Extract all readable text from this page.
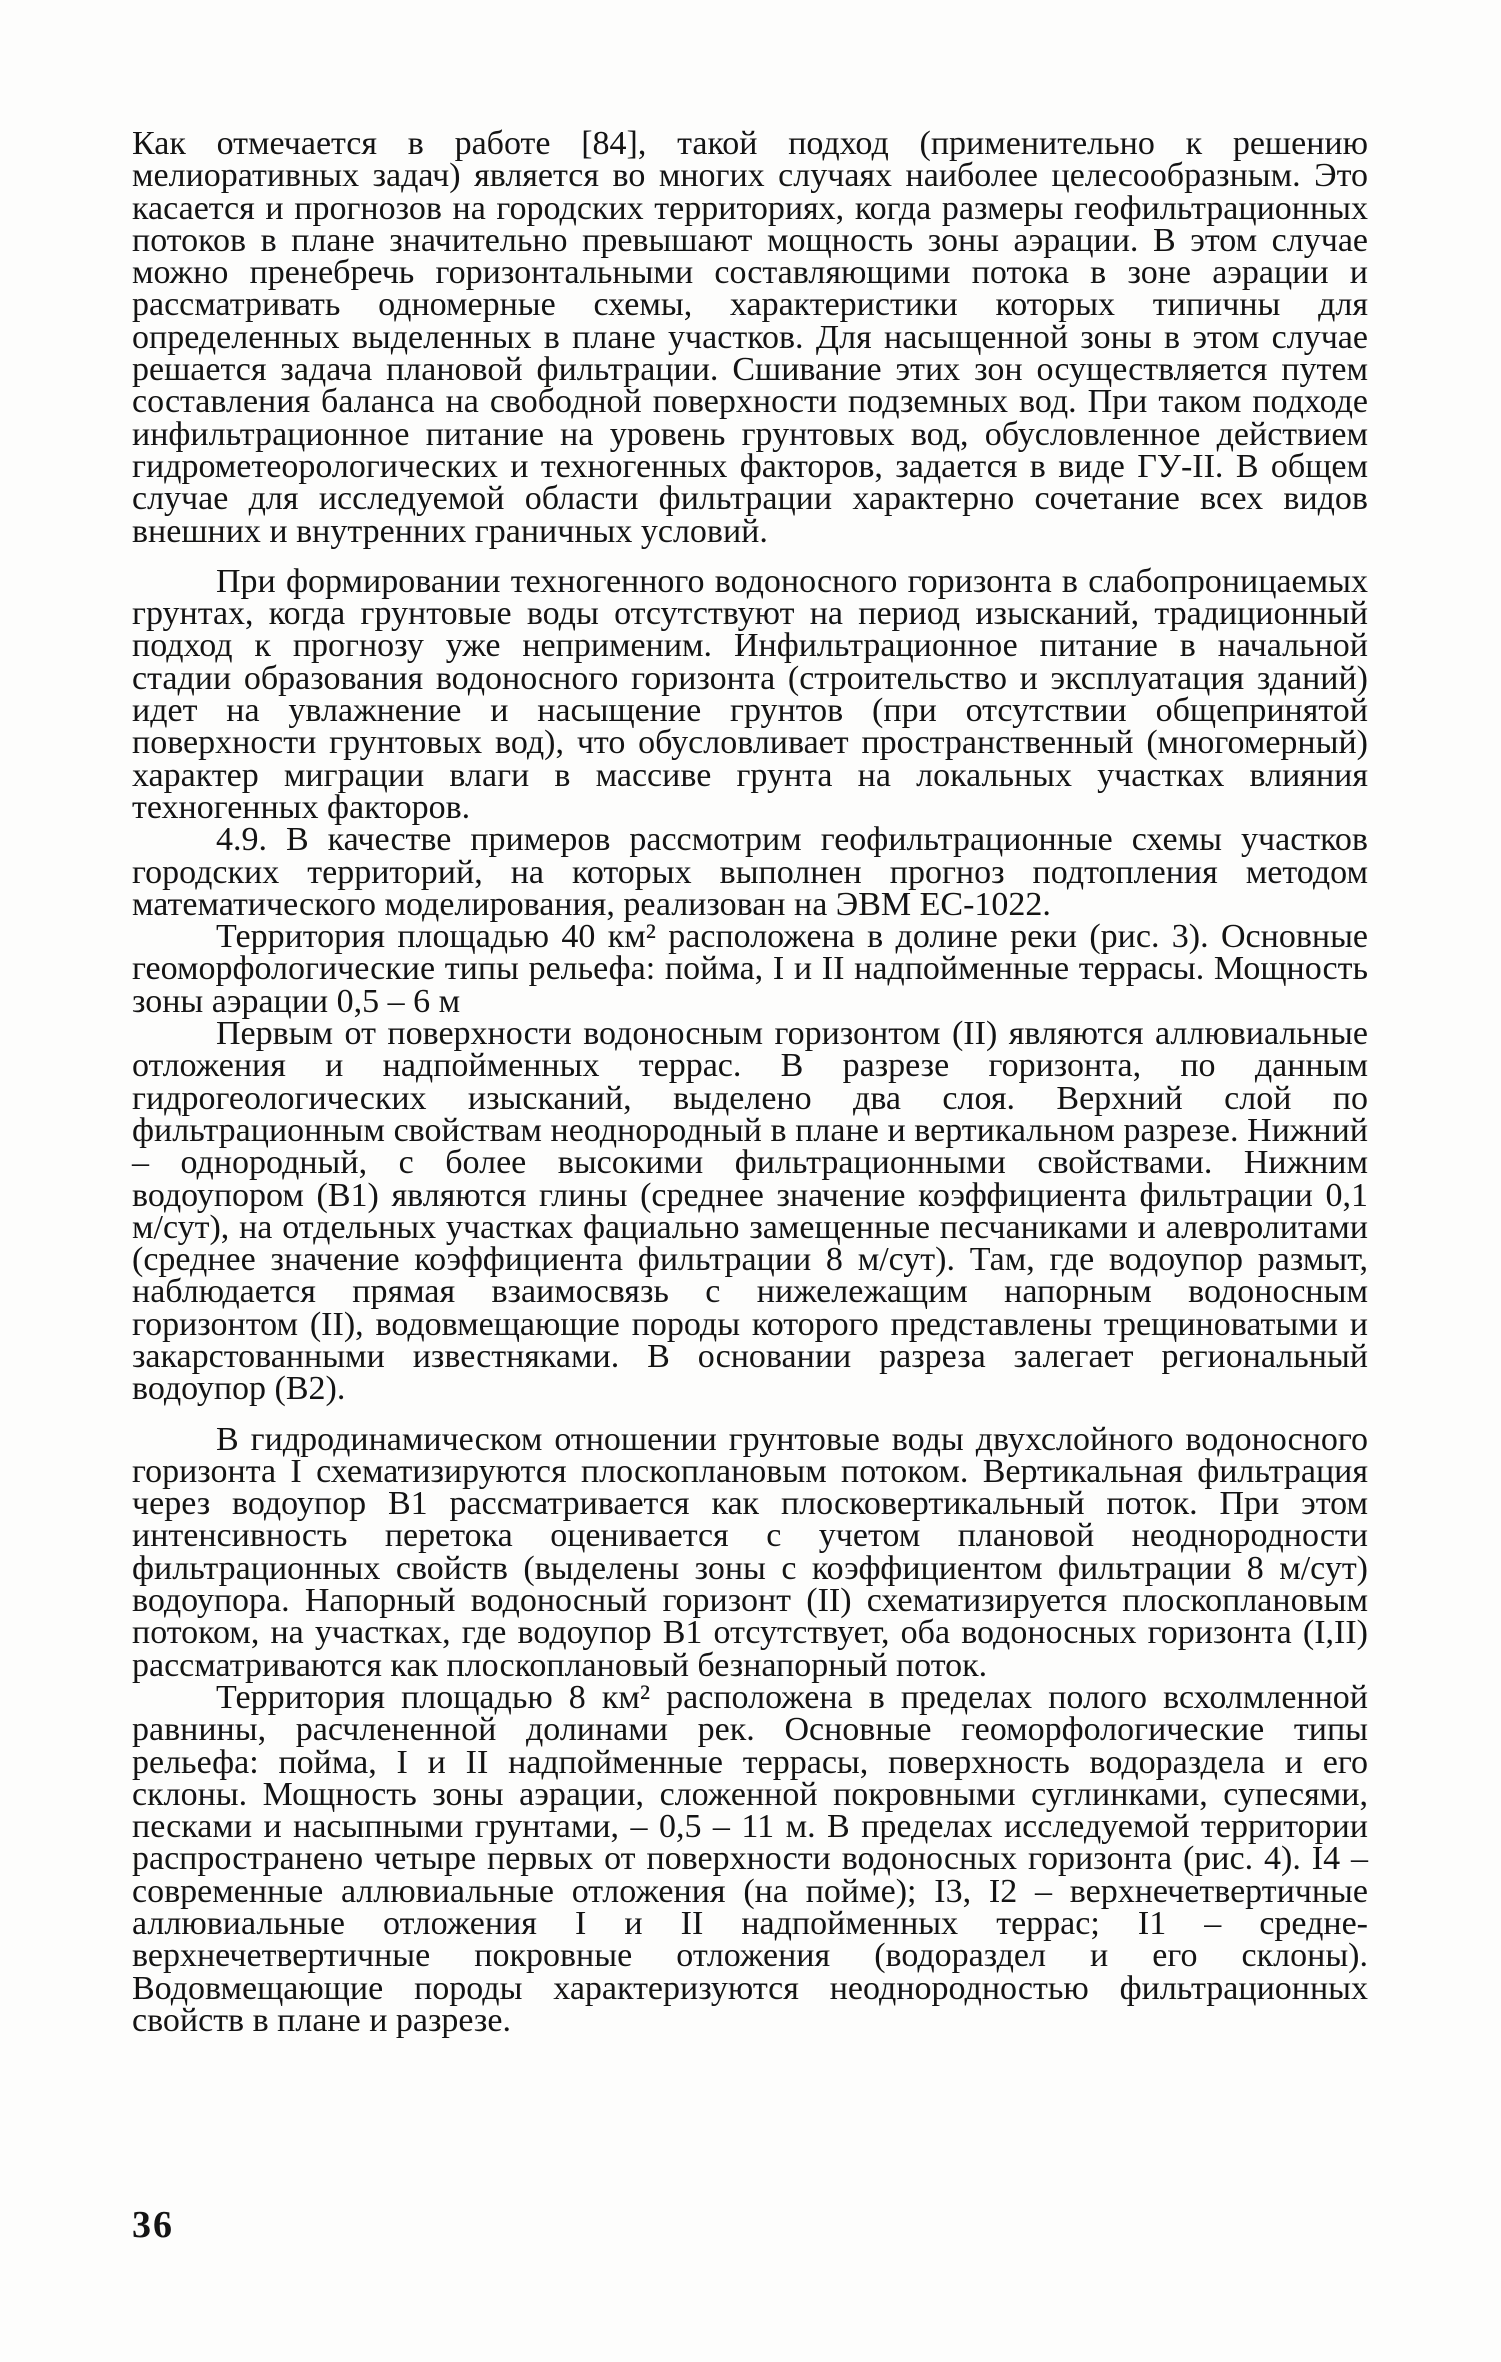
Как отмечается в работе [84], такой подход (применительно к решению мелиоративных задач) является во многих случаях наиболее целесообразным. Это касается и прогнозов на городских территориях, когда размеры геофильтрационных потоков в плане значительно превышают мощность зоны аэрации. В этом случае можно пренебречь горизонтальными составляющими потока в зоне аэрации и рассматривать одномерные схемы, характеристики которых типичны для определенных выделенных в плане участков. Для насыщенной зоны в этом случае решается задача плановой фильтрации. Сшивание этих зон осуществляется путем составления баланса на свободной поверхности подземных вод. При таком подходе инфильтрационное питание на уровень грунтовых вод, обусловленное действием гидрометеорологических и техногенных факторов, задается в виде ГУ-II. В общем случае для исследуемой области фильтрации характерно сочетание всех видов внешних и внутренних граничных условий.

При формировании техногенного водоносного горизонта в слабопроницаемых грунтах, когда грунтовые воды отсутствуют на период изысканий, традиционный подход к прогнозу уже неприменим. Инфильтрационное питание в начальной стадии образования водоносного горизонта (строительство и эксплуатация зданий) идет на увлажнение и насыщение грунтов (при отсутствии общепринятой поверхности грунтовых вод), что обусловливает пространственный (многомерный) характер миграции влаги в массиве грунта на локальных участках влияния техногенных факторов.

4.9. В качестве примеров рассмотрим геофильтрационные схемы участков городских территорий, на которых выполнен прогноз подтопления методом математического моделирования, реализован на ЭВМ ЕС-1022.

Территория площадью 40 км² расположена в долине реки (рис. 3). Основные геоморфологические типы рельефа: пойма, I и II надпойменные террасы. Мощность зоны аэрации 0,5 – 6 м

Первым от поверхности водоносным горизонтом (II) являются аллювиальные отложения и надпойменных террас. В разрезе горизонта, по данным гидрогеологических изысканий, выделено два слоя. Верхний слой по фильтрационным свойствам неоднородный в плане и вертикальном разрезе. Нижний – однородный, с более высокими фильтрационными свойствами. Нижним водоупором (B1) являются глины (среднее значение коэффициента фильтрации 0,1 м/сут), на отдельных участках фациально замещенные песчаниками и алевролитами (среднее значение коэффициента фильтрации 8 м/сут). Там, где водоупор размыт, наблюдается прямая взаимосвязь с нижележащим напорным водоносным горизонтом (II), водовмещающие породы которого представлены трещиноватыми и закарстованными известняками. В основании разреза залегает региональный водоупор (B2).

В гидродинамическом отношении грунтовые воды двухслойного водоносного горизонта I схематизируются плоскоплановым потоком. Вертикальная фильтрация через водоупор B1 рассматривается как плосковертикальный поток. При этом интенсивность перетока оценивается с учетом плановой неоднородности фильтрационных свойств (выделены зоны с коэффициентом фильтрации 8 м/сут) водоупора. Напорный водоносный горизонт (II) схематизируется плоскоплановым потоком, на участках, где водоупор B1 отсутствует, оба водоносных горизонта (I,II) рассматриваются как плоскоплановый безнапорный поток.

Территория площадью 8 км² расположена в пределах полого всхолмленной равнины, расчлененной долинами рек. Основные геоморфологические типы рельефа: пойма, I и II надпойменные террасы, поверхность водораздела и его склоны. Мощность зоны аэрации, сложенной покровными суглинками, супесями, песками и насыпными грунтами, – 0,5 – 11 м. В пределах исследуемой территории распространено четыре первых от поверхности водоносных горизонта (рис. 4). I4 – современные аллювиальные отложения (на пойме); I3, I2 – верхнечетвертичные аллювиальные отложения I и II надпойменных террас; I1 – средне-верхнечетвертичные покровные отложения (водораздел и его склоны). Водовмещающие породы характеризуются неоднородностью фильтрационных свойств в плане и разрезе.

36
